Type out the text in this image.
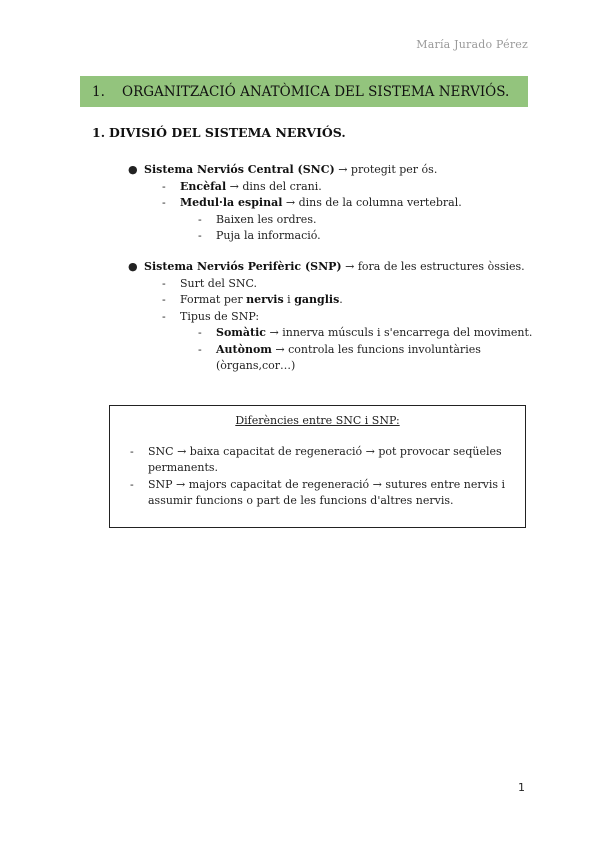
María Jurado Pérez
1.	ORGANITZACIÓ ANATÒMICA DEL SISTEMA NERVIÓS.
1. DIVISIÓ DEL SISTEMA NERVIÓS.
● Sistema Nerviós Central (SNC) → protegit per ós.
-	Encèfal → dins del crani.
-	Medul·la espinal → dins de la columna vertebral.
-	Baixen les ordres.
-	Puja la informació.
● Sistema Nerviós Perifèric (SNP) → fora de les estructures òssies.
-	Surt del SNC.
-	Format per nervis i ganglis.
-	Tipus de SNP:
-	Somàtic → innerva músculs i s'encarrega del moviment.
-	Autònom → controla les funcions involuntàries
(òrgans,cor…)
Diferències entre SNC i SNP:
-	SNC → baixa capacitat de regeneració → pot provocar seqüeles permanents.
-	SNP → majors capacitat de regeneració → sutures entre nervis i assumir funcions o part de les funcions d'altres nervis.
1
